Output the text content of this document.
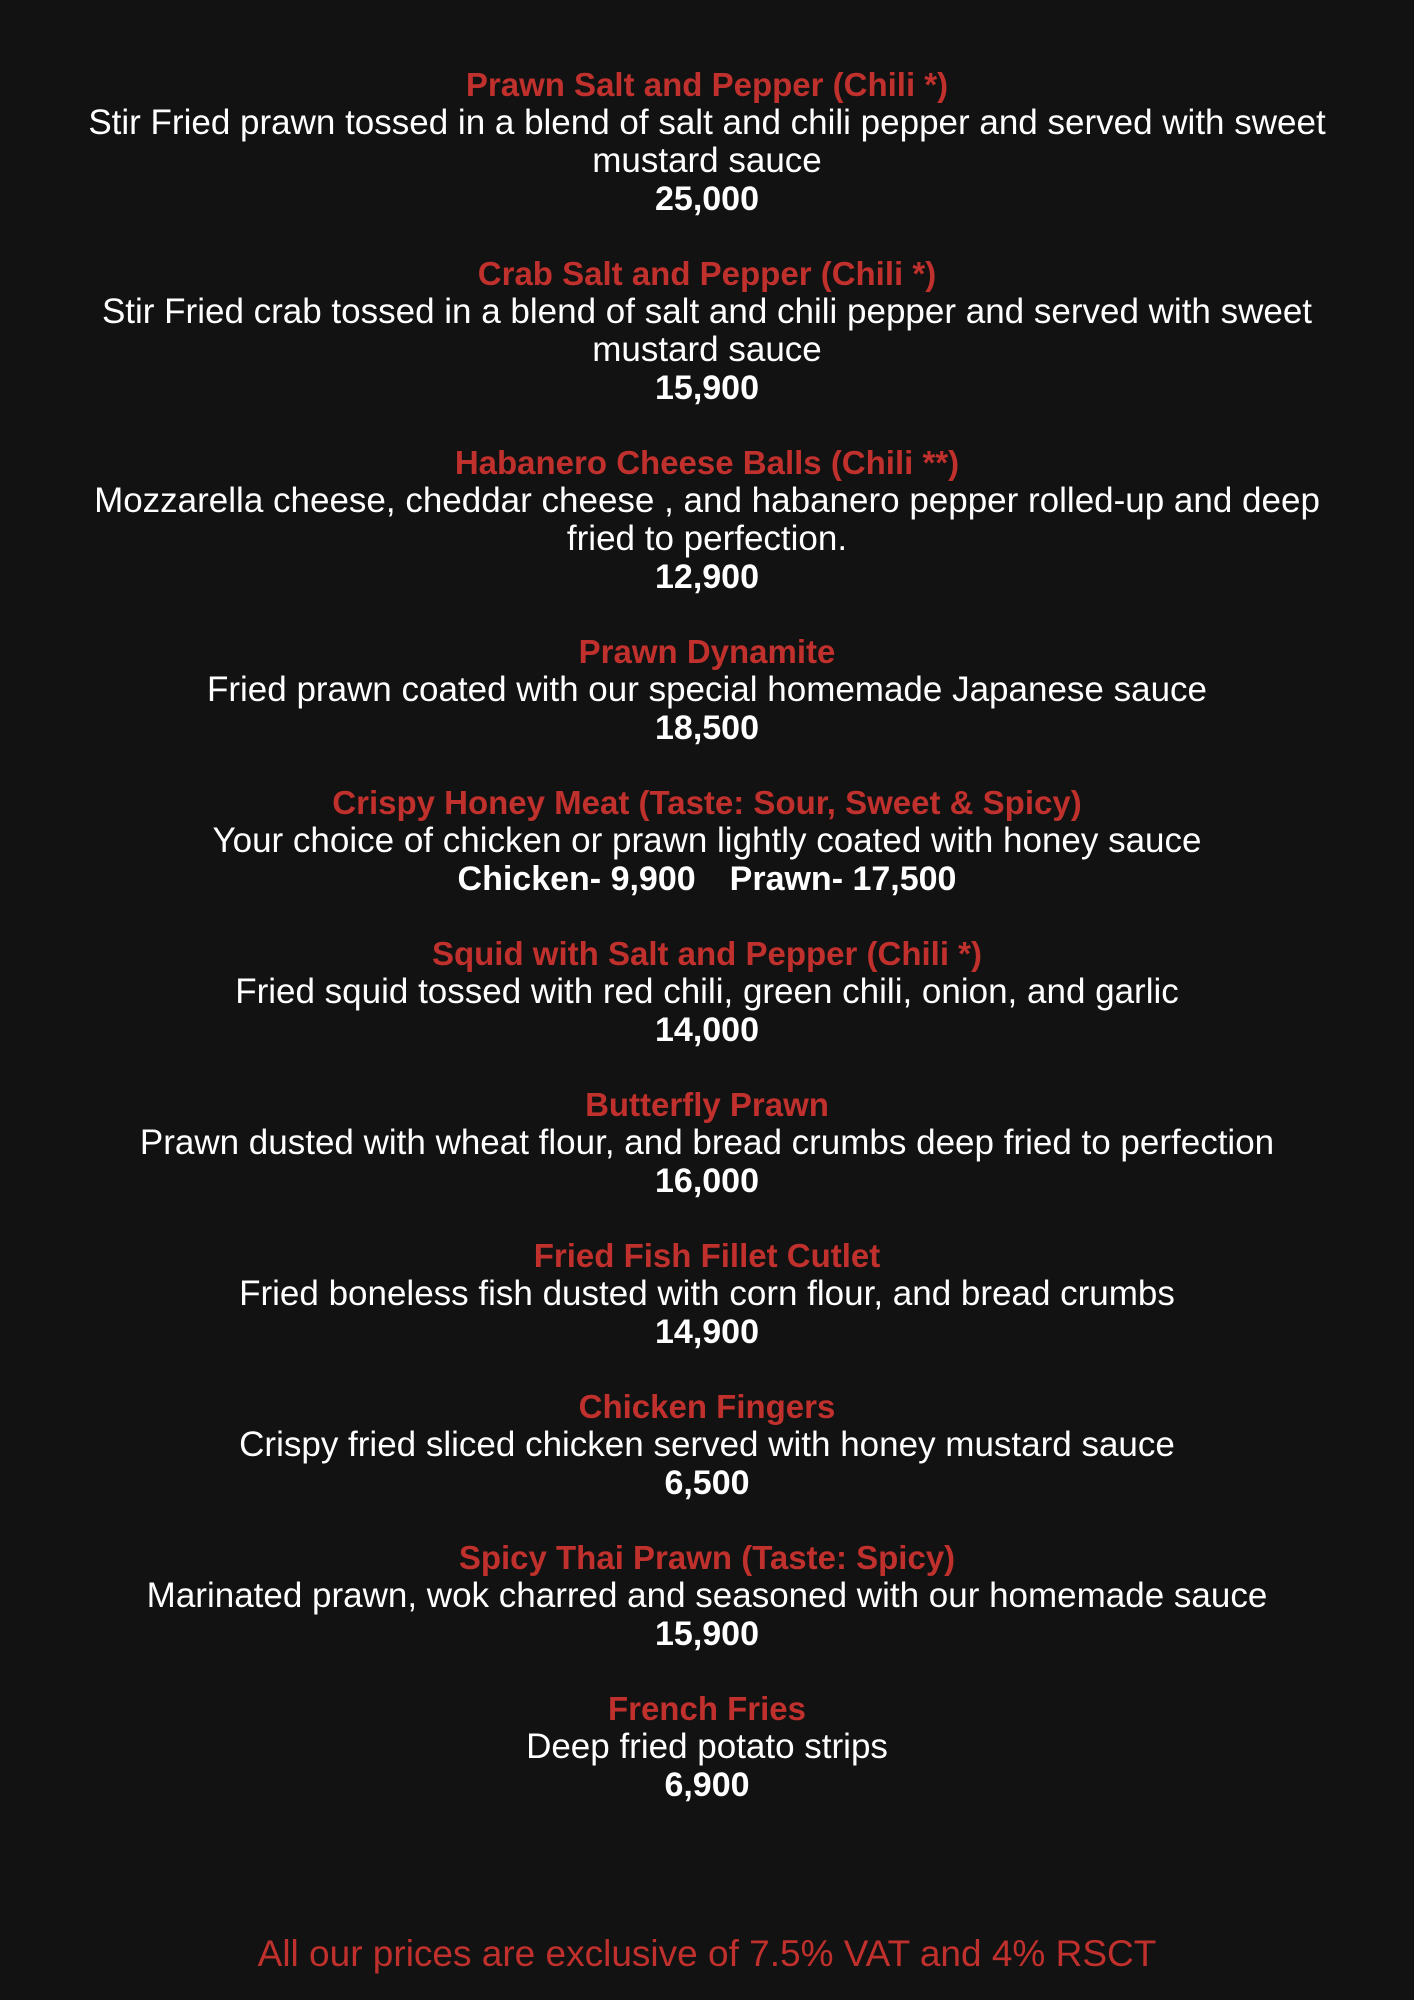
Prawn Salt and Pepper (Chili *)
Stir Fried prawn tossed in a blend of salt and chili pepper and served with sweet mustard sauce
25,000
Crab Salt and Pepper (Chili *)
Stir Fried crab tossed in a blend of salt and chili pepper and served with sweet mustard sauce
15,900
Habanero Cheese Balls (Chili **)
Mozzarella cheese, cheddar cheese , and habanero pepper rolled-up and deep fried to perfection.
12,900
Prawn Dynamite
Fried prawn coated with our special homemade Japanese sauce
18,500
Crispy Honey Meat (Taste: Sour, Sweet & Spicy)
Your choice of chicken or prawn lightly coated with honey sauce
Chicken- 9,900 Prawn- 17,500
Squid with Salt and Pepper (Chili *)
Fried squid tossed with red chili, green chili, onion, and garlic
14,000
Butterfly Prawn
Prawn dusted with wheat flour, and bread crumbs deep fried to perfection
16,000
Fried Fish Fillet Cutlet
Fried boneless fish dusted with corn flour, and bread crumbs
14,900
Chicken Fingers
Crispy fried sliced chicken served with honey mustard sauce
6,500
Spicy Thai Prawn (Taste: Spicy)
Marinated prawn, wok charred and seasoned with our homemade sauce
15,900
French Fries
Deep fried potato strips
6,900
All our prices are exclusive of 7.5% VAT and 4% RSCT
